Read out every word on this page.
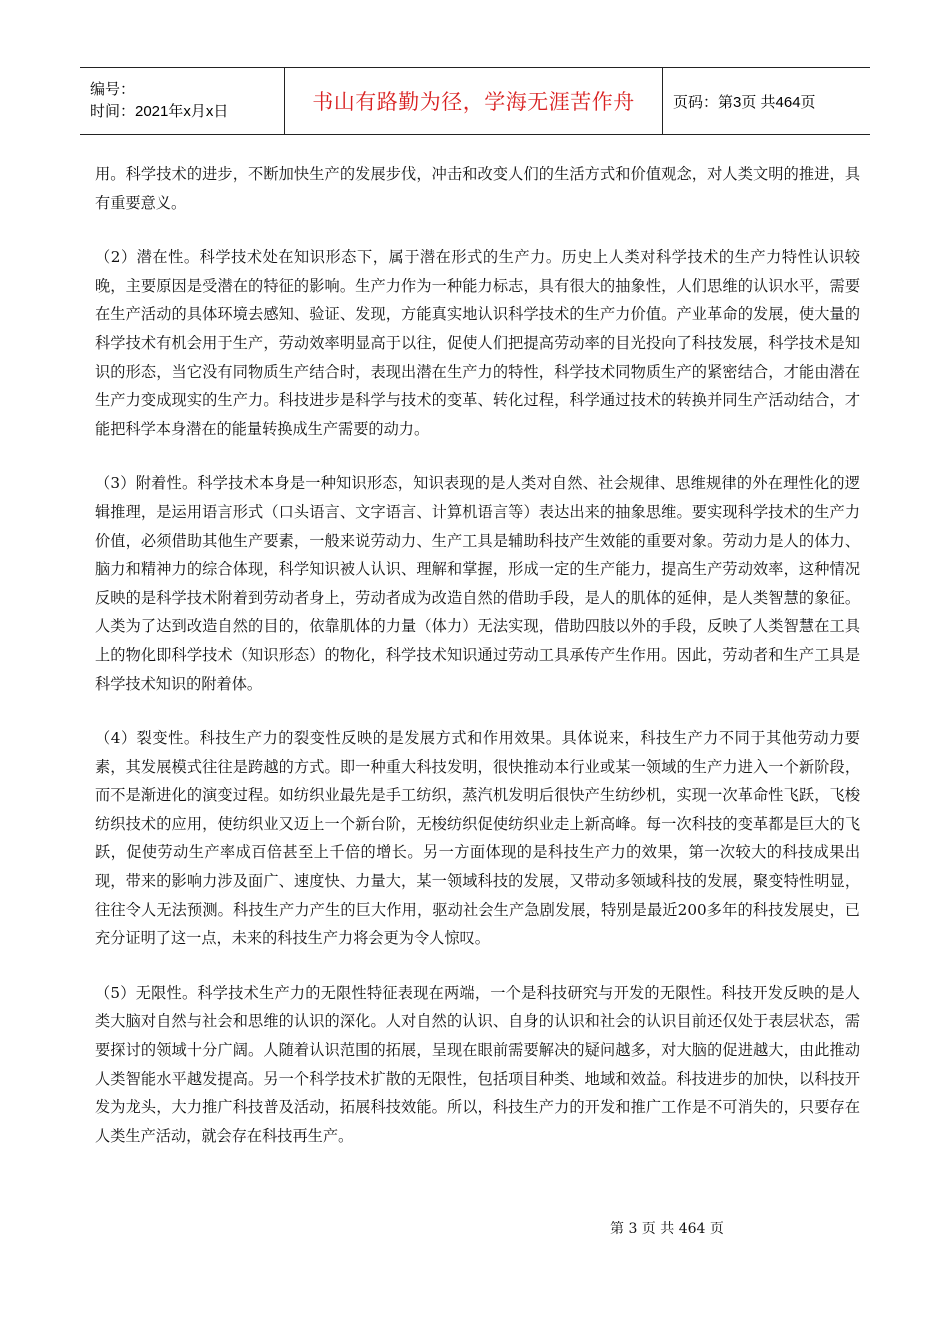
编号：
时间：2021年x月x日	书山有路勤为径，学海无涯苦作舟	页码：第3页 共464页

用。科学技术的进步，不断加快生产的发展步伐，冲击和改变人们的生活方式和价值观念，对人类文明的推进，具有重要意义。

（2）潜在性。科学技术处在知识形态下，属于潜在形式的生产力。历史上人类对科学技术的生产力特性认识较晚，主要原因是受潜在的特征的影响。生产力作为一种能力标志，具有很大的抽象性，人们思维的认识水平，需要在生产活动的具体环境去感知、验证、发现，方能真实地认识科学技术的生产力价值。产业革命的发展，使大量的科学技术有机会用于生产，劳动效率明显高于以往，促使人们把提高劳动率的目光投向了科技发展，科学技术是知识的形态，当它没有同物质生产结合时，表现出潜在生产力的特性，科学技术同物质生产的紧密结合，才能由潜在生产力变成现实的生产力。科技进步是科学与技术的变革、转化过程，科学通过技术的转换并同生产活动结合，才能把科学本身潜在的能量转换成生产需要的动力。

（3）附着性。科学技术本身是一种知识形态，知识表现的是人类对自然、社会规律、思维规律的外在理性化的逻辑推理，是运用语言形式（口头语言、文字语言、计算机语言等）表达出来的抽象思维。要实现科学技术的生产力价值，必须借助其他生产要素，一般来说劳动力、生产工具是辅助科技产生效能的重要对象。劳动力是人的体力、脑力和精神力的综合体现，科学知识被人认识、理解和掌握，形成一定的生产能力，提高生产劳动效率，这种情况反映的是科学技术附着到劳动者身上，劳动者成为改造自然的借助手段，是人的肌体的延伸，是人类智慧的象征。人类为了达到改造自然的目的，依靠肌体的力量（体力）无法实现，借助四肢以外的手段，反映了人类智慧在工具上的物化即科学技术（知识形态）的物化，科学技术知识通过劳动工具承传产生作用。因此，劳动者和生产工具是科学技术知识的附着体。

（4）裂变性。科技生产力的裂变性反映的是发展方式和作用效果。具体说来，科技生产力不同于其他劳动力要素，其发展模式往往是跨越的方式。即一种重大科技发明，很快推动本行业或某一领域的生产力进入一个新阶段，而不是渐进化的演变过程。如纺织业最先是手工纺织，蒸汽机发明后很快产生纺纱机，实现一次革命性飞跃，飞梭纺织技术的应用，使纺织业又迈上一个新台阶，无梭纺织促使纺织业走上新高峰。每一次科技的变革都是巨大的飞跃，促使劳动生产率成百倍甚至上千倍的增长。另一方面体现的是科技生产力的效果，第一次较大的科技成果出现，带来的影响力涉及面广、速度快、力量大，某一领域科技的发展，又带动多领域科技的发展，聚变特性明显，往往令人无法预测。科技生产力产生的巨大作用，驱动社会生产急剧发展，特别是最近200多年的科技发展史，已充分证明了这一点，未来的科技生产力将会更为令人惊叹。

（5）无限性。科学技术生产力的无限性特征表现在两端，一个是科技研究与开发的无限性。科技开发反映的是人类大脑对自然与社会和思维的认识的深化。人对自然的认识、自身的认识和社会的认识目前还仅处于表层状态，需要探讨的领域十分广阔。人随着认识范围的拓展，呈现在眼前需要解决的疑问越多，对大脑的促进越大，由此推动人类智能水平越发提高。另一个科学技术扩散的无限性，包括项目种类、地域和效益。科技进步的加快，以科技开发为龙头，大力推广科技普及活动，拓展科技效能。所以，科技生产力的开发和推广工作是不可消失的，只要存在人类生产活动，就会存在科技再生产。

第 3 页 共 464 页
